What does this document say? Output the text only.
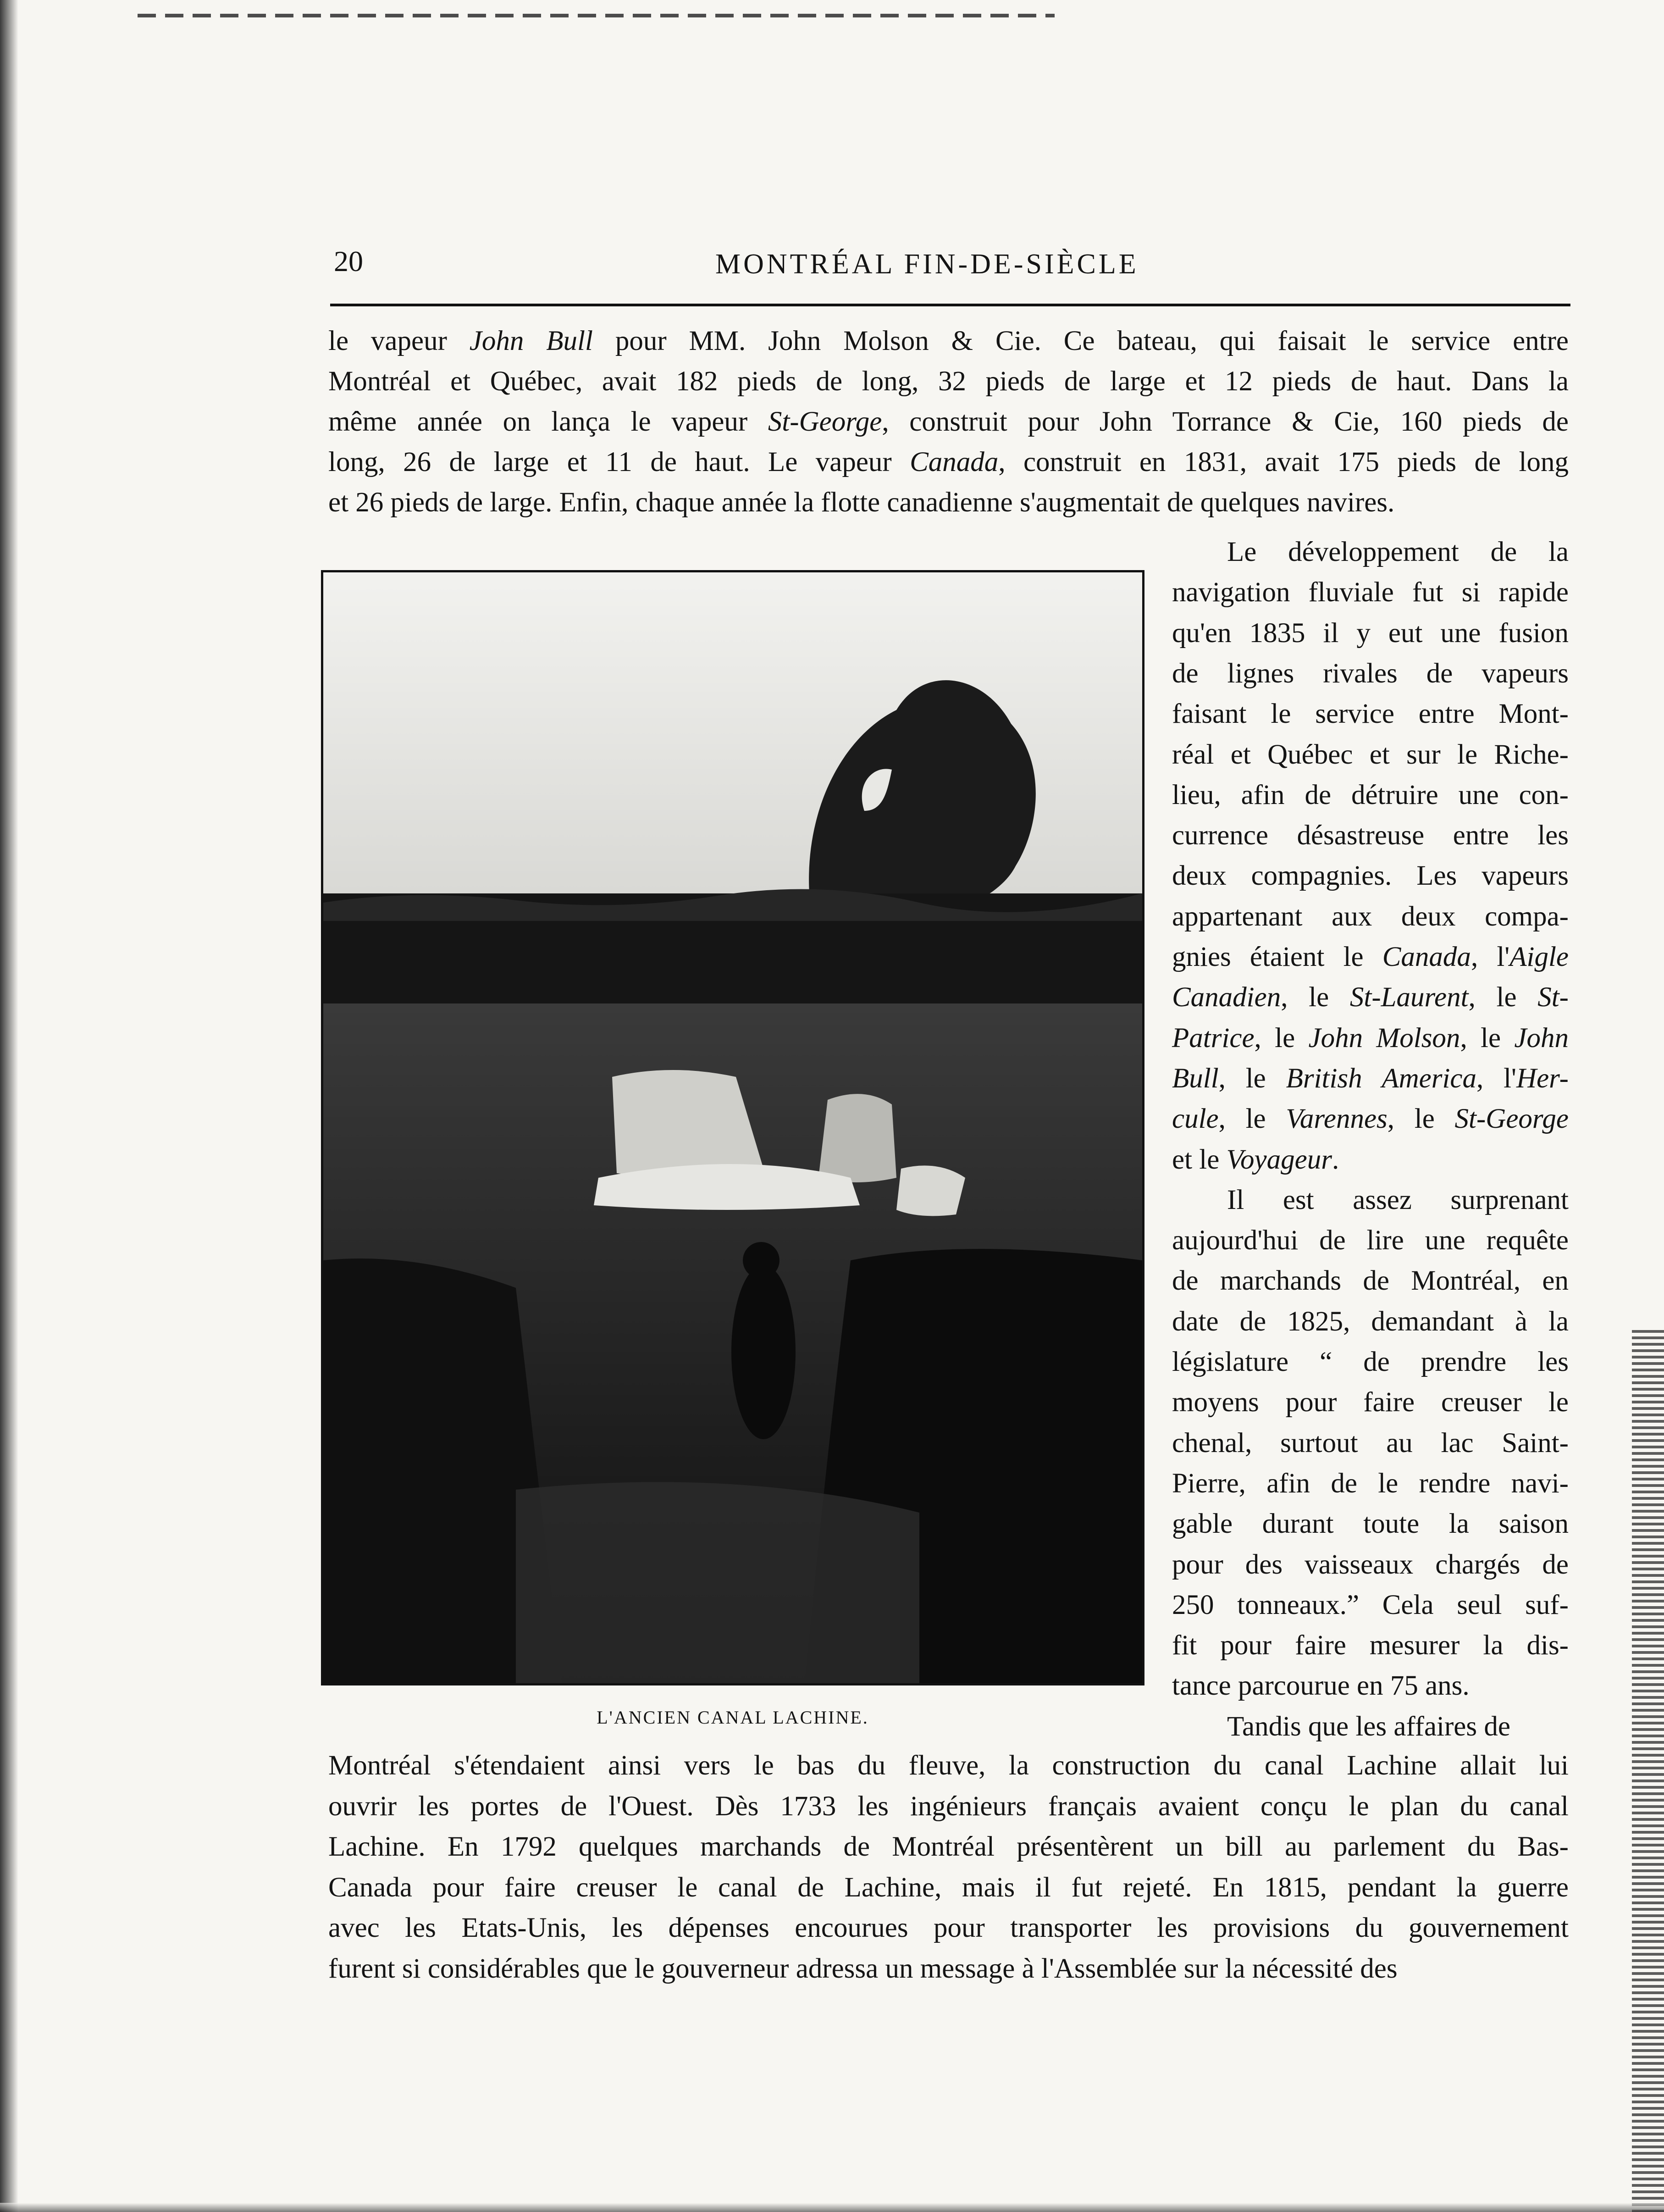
20	MONTRÉAL FIN-DE-SIÈCLE
le vapeur John Bull pour MM. John Molson & Cie. Ce bateau, qui faisait le service entre
Montréal et Québec, avait 182 pieds de long, 32 pieds de large et 12 pieds de haut. Dans la
même année on lança le vapeur St-George, construit pour John Torrance & Cie, 160 pieds de
long, 26 de large et 11 de haut. Le vapeur Canada, construit en 1831, avait 175 pieds de long
et 26 pieds de large. Enfin, chaque année la flotte canadienne s'augmentait de quelques navires.
L'ANCIEN CANAL LACHINE.
Le développement de la
navigation fluviale fut si rapide
qu'en 1835 il y eut une fusion
de lignes rivales de vapeurs
faisant le service entre Mont-
réal et Québec et sur le Riche-
lieu, afin de détruire une con-
currence désastreuse entre les
deux compagnies. Les vapeurs
appartenant aux deux compa-
gnies étaient le Canada, l'Aigle
Canadien, le St-Laurent, le St-
Patrice, le John Molson, le John
Bull, le British America, l'Her-
cule, le Varennes, le St-George
et le Voyageur.
Il est assez surprenant
aujourd'hui de lire une requête
de marchands de Montréal, en
date de 1825, demandant à la
législature “ de prendre les
moyens pour faire creuser le
chenal, surtout au lac Saint-
Pierre, afin de le rendre navi-
gable durant toute la saison
pour des vaisseaux chargés de
250 tonneaux.” Cela seul suf-
fit pour faire mesurer la dis-
tance parcourue en 75 ans.
Tandis que les affaires de
Montréal s'étendaient ainsi vers le bas du fleuve, la construction du canal Lachine allait lui
ouvrir les portes de l'Ouest. Dès 1733 les ingénieurs français avaient conçu le plan du canal
Lachine. En 1792 quelques marchands de Montréal présentèrent un bill au parlement du Bas-
Canada pour faire creuser le canal de Lachine, mais il fut rejeté. En 1815, pendant la guerre
avec les Etats-Unis, les dépenses encourues pour transporter les provisions du gouvernement
furent si considérables que le gouverneur adressa un message à l'Assemblée sur la nécessité des
